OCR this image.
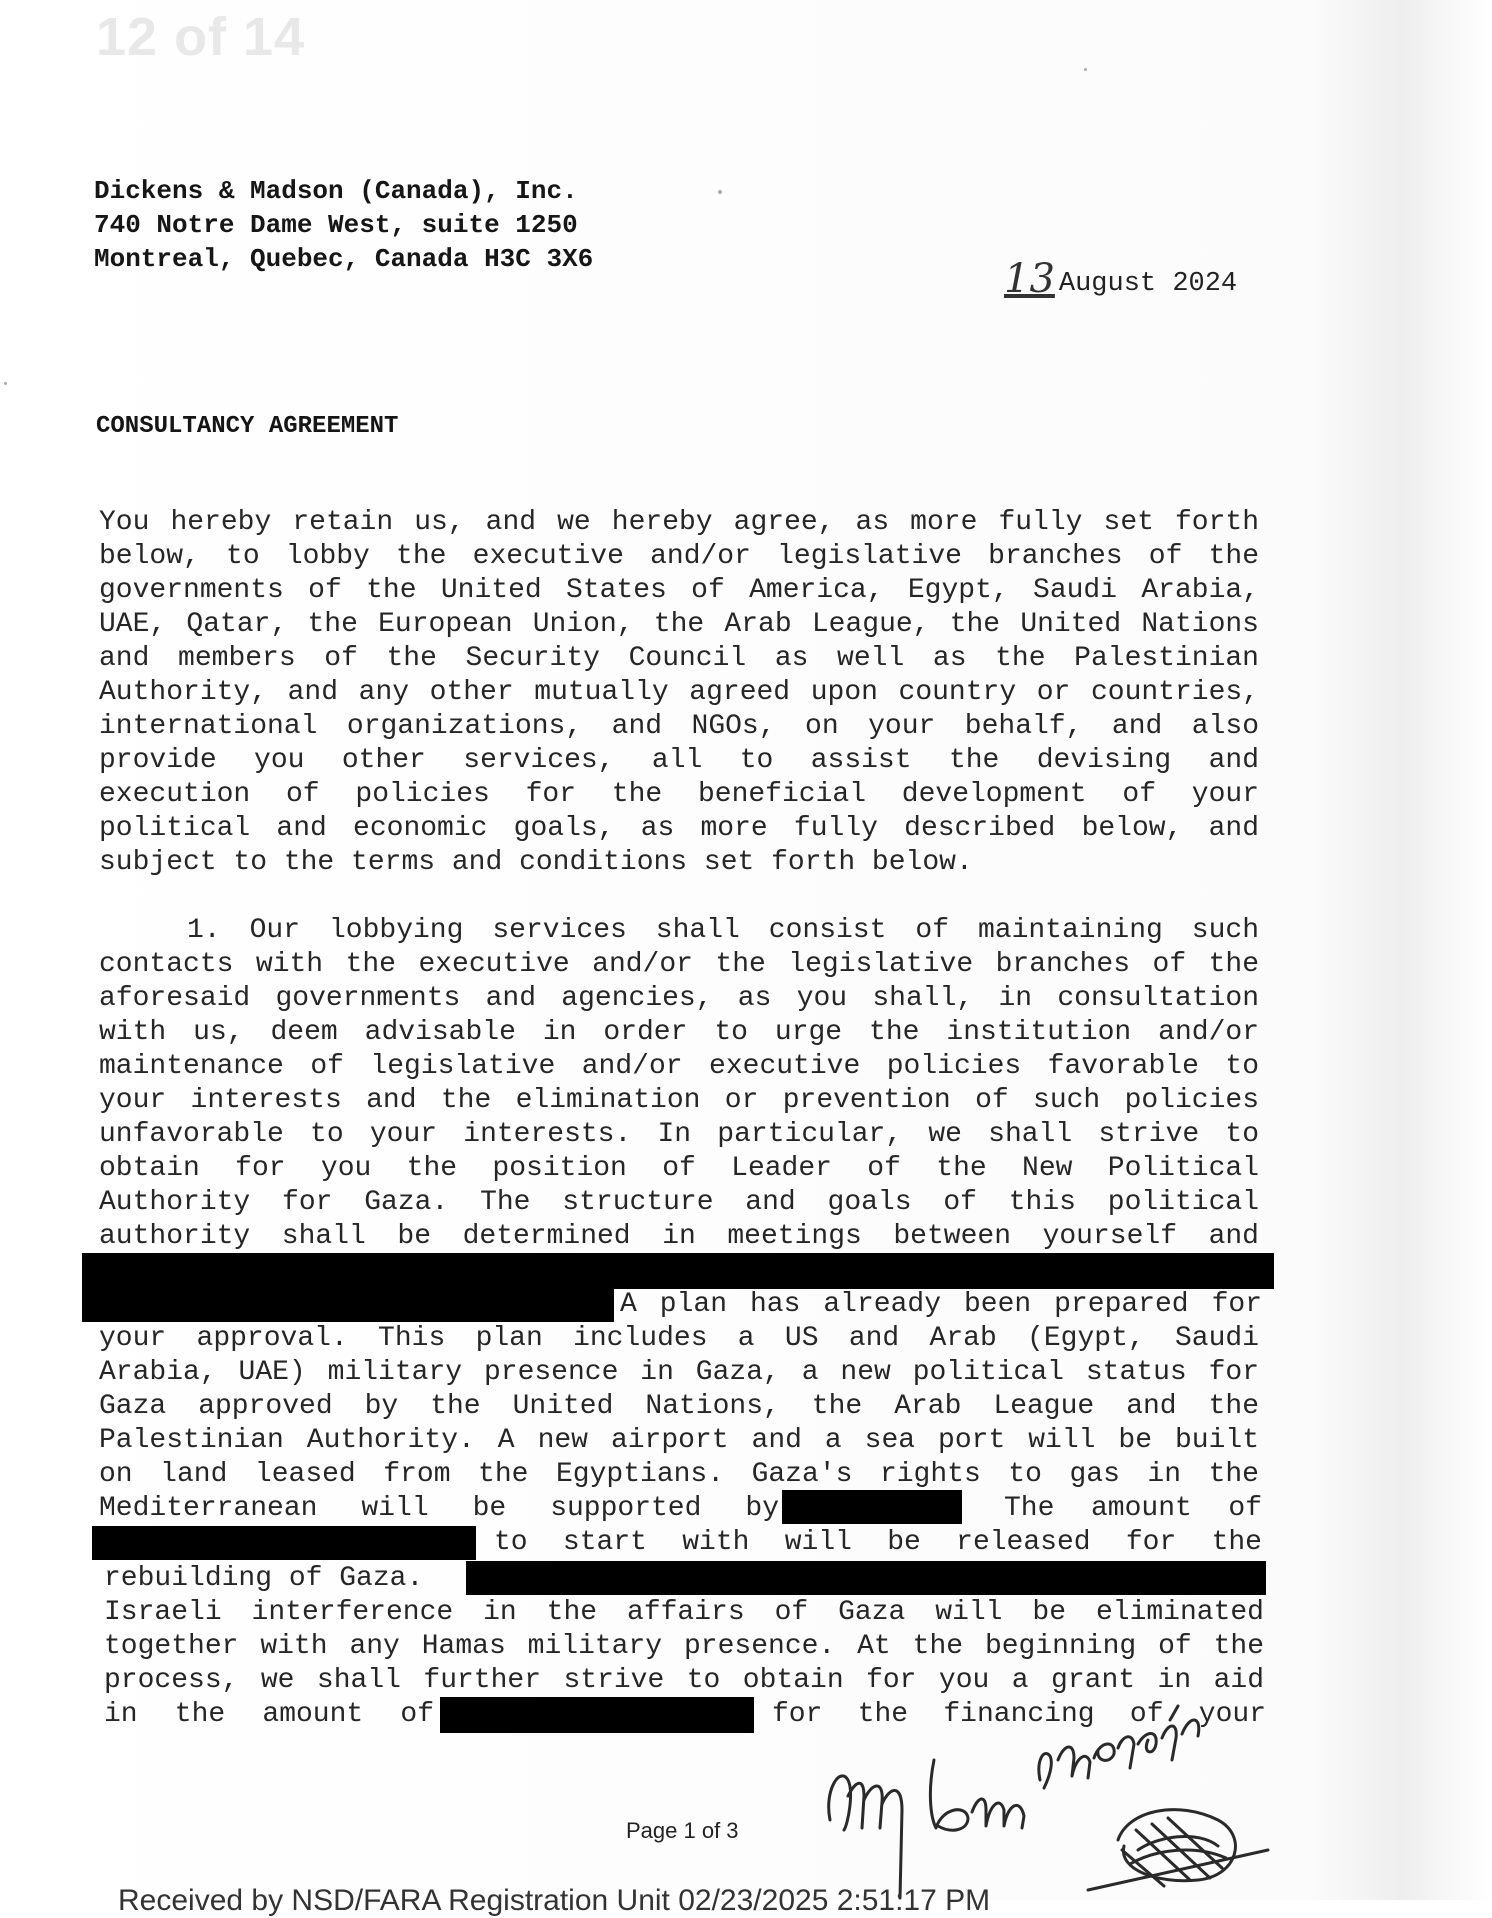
12 of 14
Dickens & Madson (Canada), Inc.
740 Notre Dame West, suite 1250
Montreal, Quebec, Canada H3C 3X6	13 August 2024
CONSULTANCY AGREEMENT
You hereby retain us, and we hereby agree, as more fully set forth
below, to lobby the executive and/or legislative branches of the
governments of the United States of America, Egypt, Saudi Arabia,
UAE, Qatar, the European Union, the Arab League, the United Nations
and members of the Security Council as well as the Palestinian
Authority, and any other mutually agreed upon country or countries,
international organizations, and NGOs, on your behalf, and also
provide you other services, all to assist the devising and
execution of policies for the beneficial development of your
political and economic goals, as more fully described below, and
subject to the terms and conditions set forth below.
1. Our lobbying services shall consist of maintaining such
contacts with the executive and/or the legislative branches of the
aforesaid governments and agencies, as you shall, in consultation
with us, deem advisable in order to urge the institution and/or
maintenance of legislative and/or executive policies favorable to
your interests and the elimination or prevention of such policies
unfavorable to your interests. In particular, we shall strive to
obtain for you the position of Leader of the New Political
Authority for Gaza. The structure and goals of this political
authority shall be determined in meetings between yourself and
A plan has already been prepared for
your approval. This plan includes a US and Arab (Egypt, Saudi
Arabia, UAE) military presence in Gaza, a new political status for
Gaza approved by the United Nations, the Arab League and the
Palestinian Authority. A new airport and a sea port will be built
on land leased from the Egyptians. Gaza's rights to gas in the
Mediterranean will be supported by	The amount of
to start with will be released for the
rebuilding of Gaza.
Israeli interference in the affairs of Gaza will be eliminated
together with any Hamas military presence. At the beginning of the
process, we shall further strive to obtain for you a grant in aid
in the amount of	for the financing of your
Page 1 of 3
Received by NSD/FARA Registration Unit 02/23/2025 2:51:17 PM
